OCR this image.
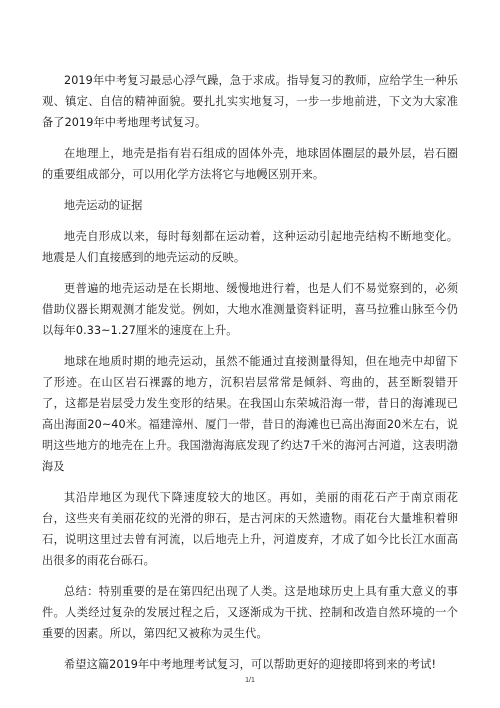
2019年中考复习最忌心浮气躁，急于求成。指导复习的教师，应给学生一种乐观、镇定、自信的精神面貌。要扎扎实实地复习，一步一步地前进，下文为大家准备了2019年中考地理考试复习。

在地理上，地壳是指有岩石组成的固体外壳，地球固体圈层的最外层，岩石圈的重要组成部分，可以用化学方法将它与地幔区别开来。

地壳运动的证据

地壳自形成以来，每时每刻都在运动着，这种运动引起地壳结构不断地变化。地震是人们直接感到的地壳运动的反映。

更普遍的地壳运动是在长期地、缓慢地进行着，也是人们不易觉察到的，必须借助仪器长期观测才能发觉。例如，大地水准测量资料证明，喜马拉雅山脉至今仍以每年0.33~1.27厘米的速度在上升。

地球在地质时期的地壳运动，虽然不能通过直接测量得知，但在地壳中却留下了形迹。在山区岩石裸露的地方，沉积岩层常常是倾斜、弯曲的，甚至断裂错开了，这都是岩层受力发生变形的结果。在我国山东荣城沿海一带，昔日的海滩现已高出海面20~40米。福建漳州、厦门一带，昔日的海滩也已高出海面20米左右，说明这些地方的地壳在上升。我国渤海海底发现了约达7千米的海河古河道，这表明渤海及

其沿岸地区为现代下降速度较大的地区。再如，美丽的雨花石产于南京雨花台，这些夹有美丽花纹的光滑的卵石，是古河床的天然遗物。雨花台大量堆积着卵石，说明这里过去曾有河流，以后地壳上升，河道废弃，才成了如今比长江水面高出很多的雨花台砾石。

总结：特别重要的是在第四纪出现了人类。这是地球历史上具有重大意义的事件。人类经过复杂的发展过程之后，又逐渐成为干扰、控制和改造自然环境的一个重要的因素。所以，第四纪又被称为灵生代。

希望这篇2019年中考地理考试复习，可以帮助更好的迎接即将到来的考试!

1/1
